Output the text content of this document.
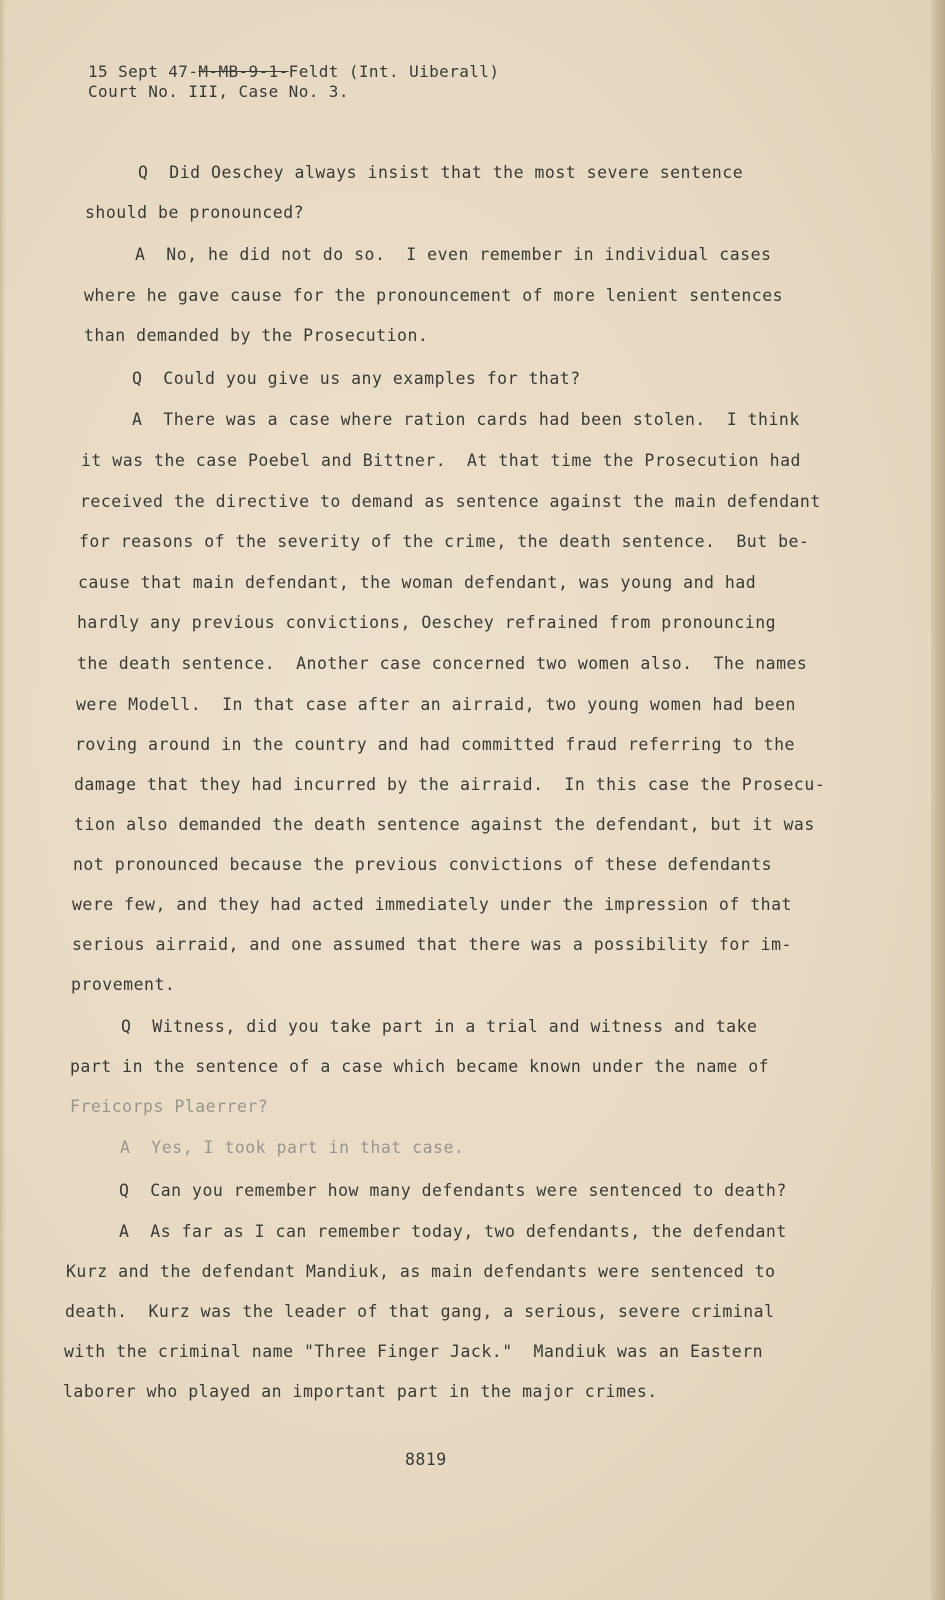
15 Sept 47-M-MB-9-1-Feldt (Int. Uiberall)
Court No. III, Case No. 3.
Q  Did Oeschey always insist that the most severe sentence
should be pronounced?
A  No, he did not do so.  I even remember in individual cases
where he gave cause for the pronouncement of more lenient sentences
than demanded by the Prosecution.
Q  Could you give us any examples for that?
A  There was a case where ration cards had been stolen.  I think
it was the case Poebel and Bittner.  At that time the Prosecution had
received the directive to demand as sentence against the main defendant
for reasons of the severity of the crime, the death sentence.  But be-
cause that main defendant, the woman defendant, was young and had
hardly any previous convictions, Oeschey refrained from pronouncing
the death sentence.  Another case concerned two women also.  The names
were Modell.  In that case after an airraid, two young women had been
roving around in the country and had committed fraud referring to the
damage that they had incurred by the airraid.  In this case the Prosecu-
tion also demanded the death sentence against the defendant, but it was
not pronounced because the previous convictions of these defendants
were few, and they had acted immediately under the impression of that
serious airraid, and one assumed that there was a possibility for im-
provement.
Q  Witness, did you take part in a trial and witness and take
part in the sentence of a case which became known under the name of
Freicorps Plaerrer?
A  Yes, I took part in that case.
Q  Can you remember how many defendants were sentenced to death?
A  As far as I can remember today, two defendants, the defendant
Kurz and the defendant Mandiuk, as main defendants were sentenced to
death.  Kurz was the leader of that gang, a serious, severe criminal
with the criminal name "Three Finger Jack."  Mandiuk was an Eastern
laborer who played an important part in the major crimes.
8819
